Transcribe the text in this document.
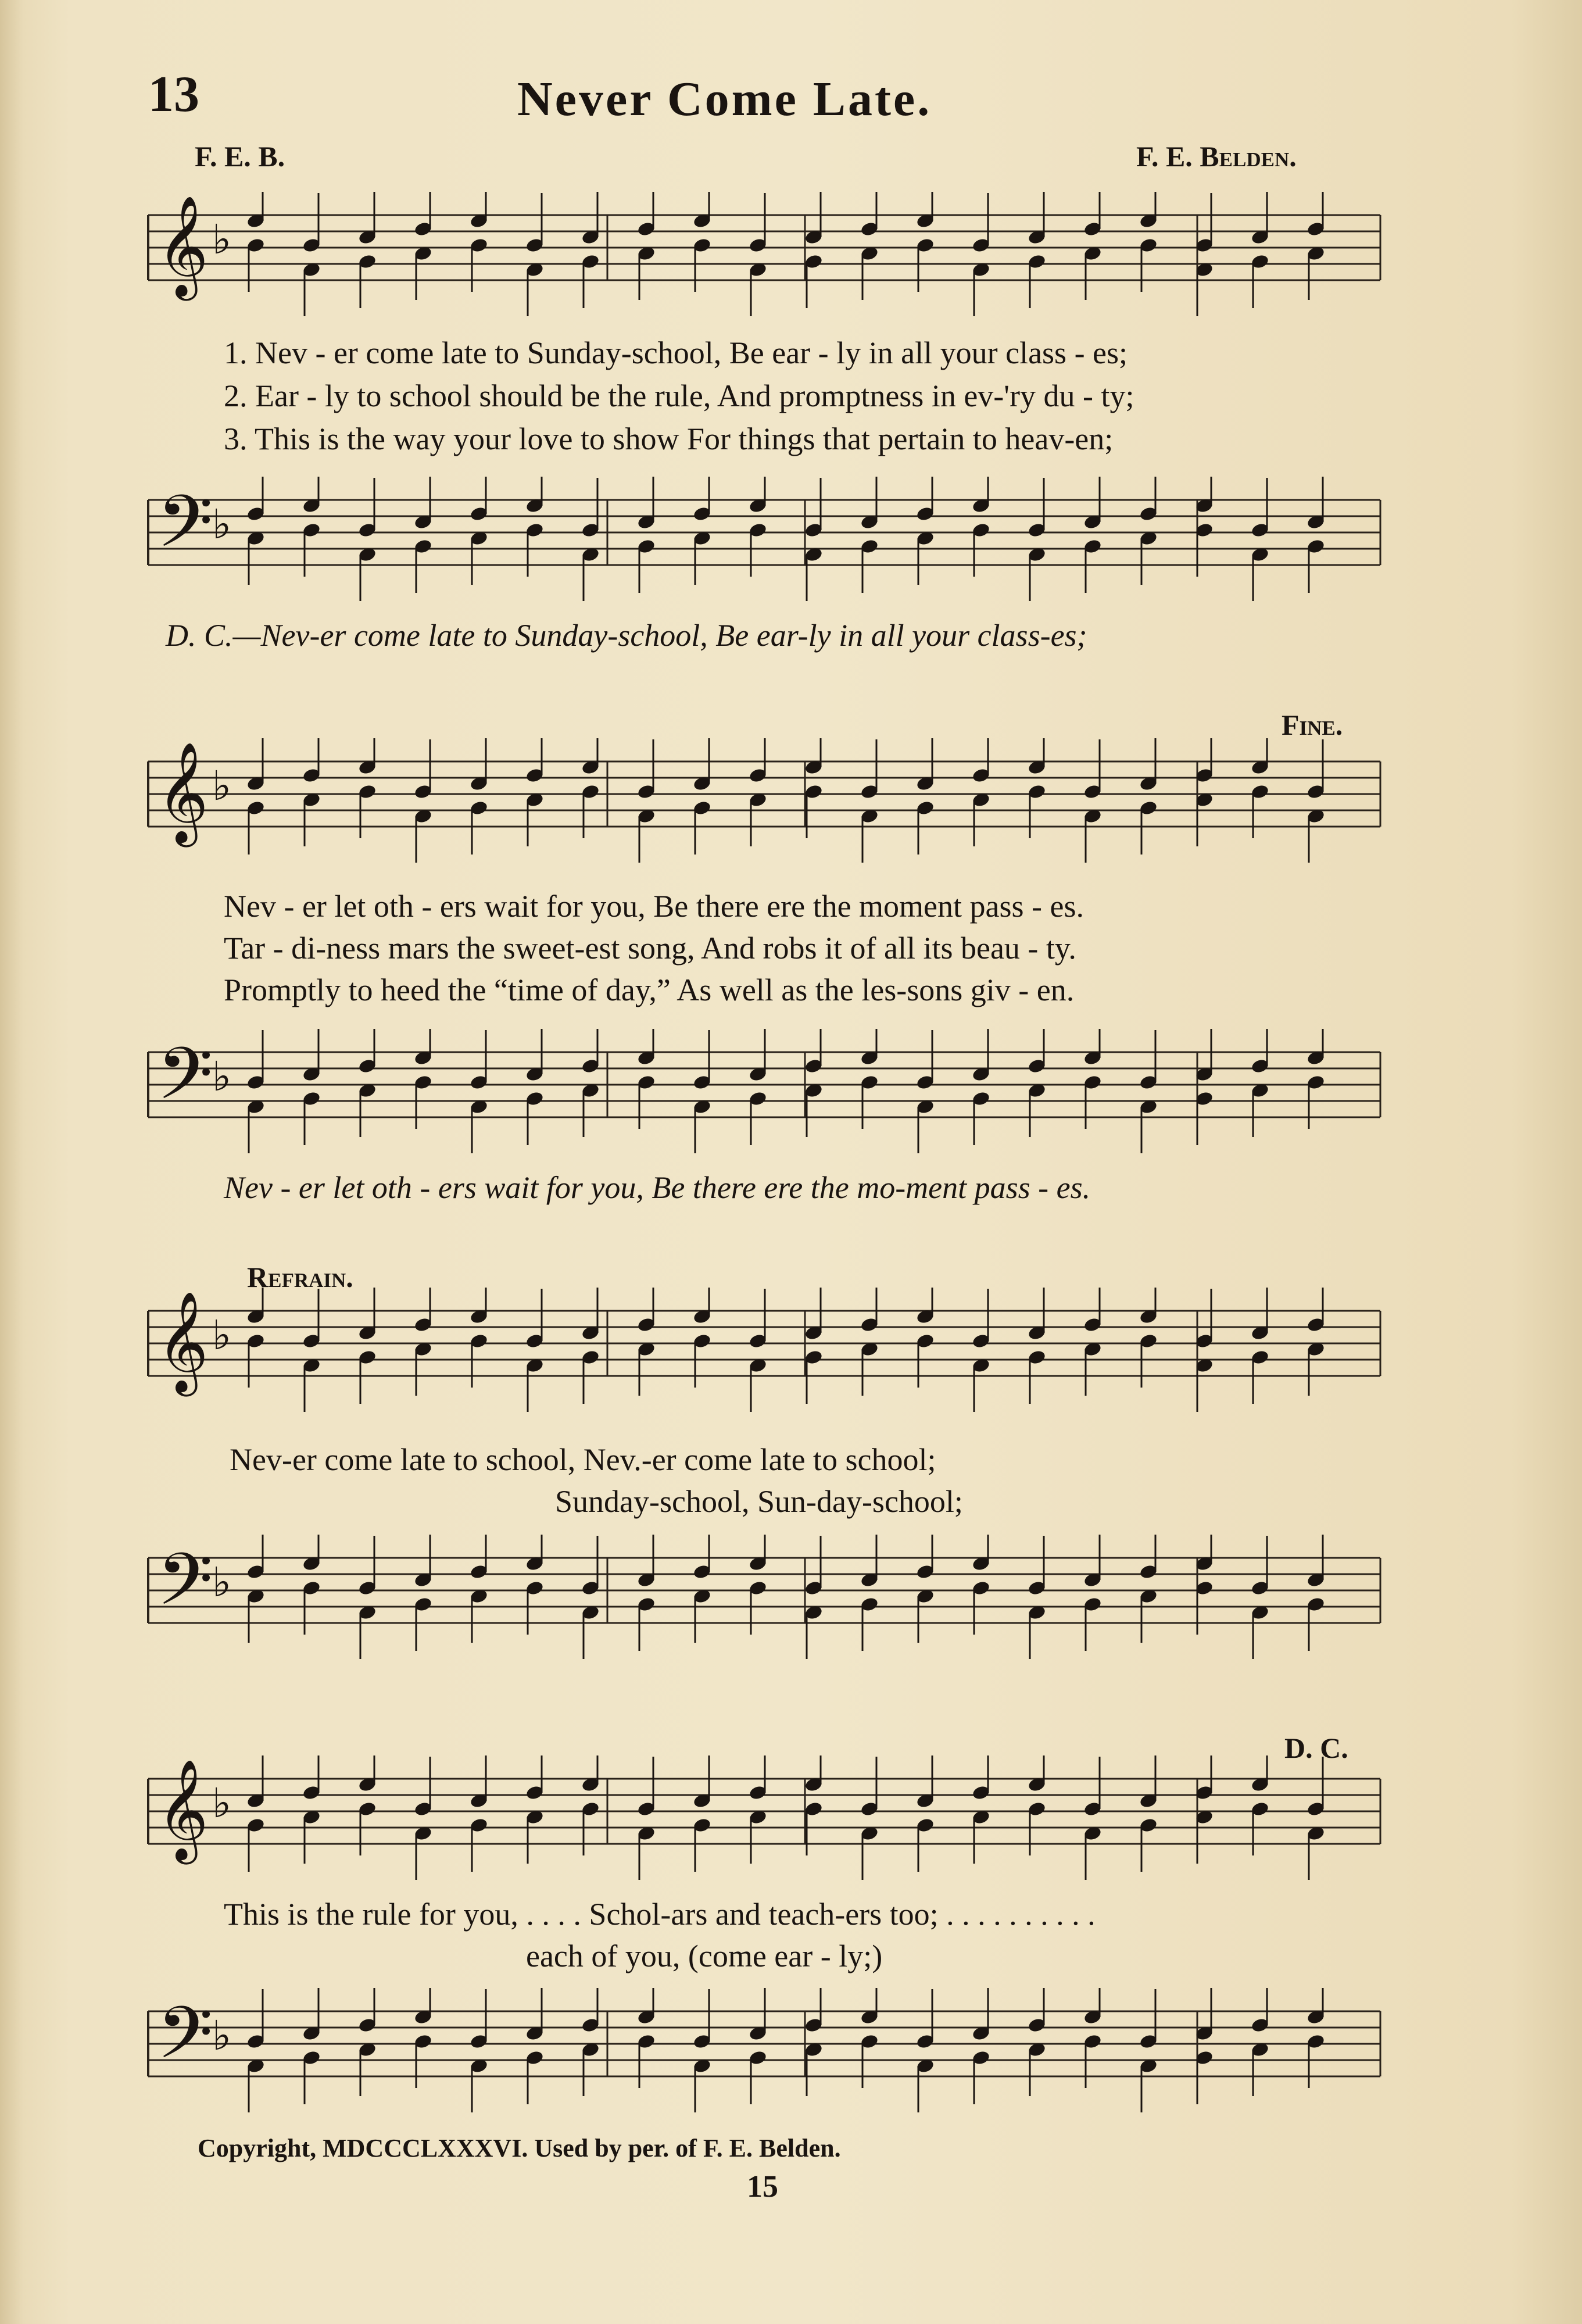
13	Never Come Late.
F. E. B.	F. E. Belden.
𝄞 ♭
1. Nev - er come late to Sunday-school, Be ear - ly in all your class - es;
2. Ear - ly to school should be the rule, And promptness in ev-'ry du - ty;
3. This is the way your love to show For things that pertain to heav-en;
𝄢
♭
D. C.—Nev-er come late to Sunday-school, Be ear-ly in all your class-es;
Fine.
𝄞 ♭
Nev - er let oth - ers wait for you, Be there ere the moment pass - es.
Tar - di-ness mars the sweet-est song, And robs it of all its beau - ty.
Promptly to heed the “time of day,” As well as the les-sons giv - en.
𝄢
♭
Nev - er let oth - ers wait for you, Be there ere the mo-ment pass - es.
Refrain.
𝄞 ♭
Nev-er come late to school, Nev.-er come late to school;
Sunday-school, Sun-day-school;
𝄢
♭
D. C.
𝄞 ♭
This is the rule for you, . . . . Schol-ars and teach-ers too; . . . . . . . . . .
each of you, (come ear - ly;)
𝄢
♭
Copyright, MDCCCLXXXVI. Used by per. of F. E. Belden.
15
